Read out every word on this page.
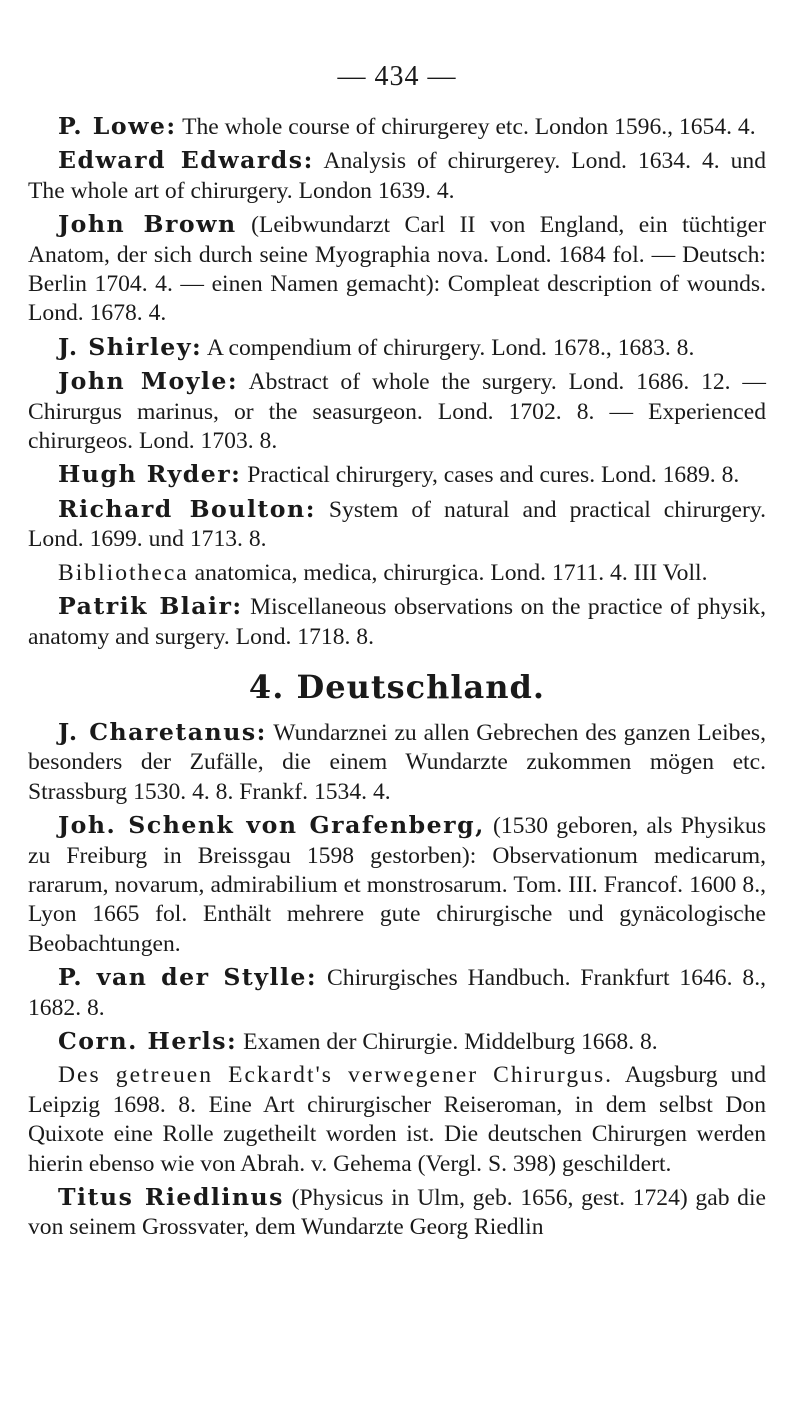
— 434 —

P. Lowe: The whole course of chirurgerey etc. London 1596., 1654. 4.

Edward Edwards: Analysis of chirurgerey. Lond. 1634. 4. und The whole art of chirurgery. London 1639. 4.

John Brown (Leibwundarzt Carl II von England, ein tüchtiger Anatom, der sich durch seine Myographia nova. Lond. 1684 fol. — Deutsch: Berlin 1704. 4. — einen Namen gemacht): Compleat description of wounds. Lond. 1678. 4.

J. Shirley: A compendium of chirurgery. Lond. 1678., 1683. 8.

John Moyle: Abstract of whole the surgery. Lond. 1686. 12. — Chirurgus marinus, or the seasurgeon. Lond. 1702. 8. — Experienced chirurgeos. Lond. 1703. 8.

Hugh Ryder: Practical chirurgery, cases and cures. Lond. 1689. 8.

Richard Boulton: System of natural and practical chirurgery. Lond. 1699. und 1713. 8.

Bibliotheca anatomica, medica, chirurgica. Lond. 1711. 4. III Voll.

Patrik Blair: Miscellaneous observations on the practice of physik, anatomy and surgery. Lond. 1718. 8.

4. Deutschland.

J. Charetanus: Wundarznei zu allen Gebrechen des ganzen Leibes, besonders der Zufälle, die einem Wundarzte zukommen mögen etc. Strassburg 1530. 4. 8. Frankf. 1534. 4.

Joh. Schenk von Grafenberg, (1530 geboren, als Physikus zu Freiburg in Breissgau 1598 gestorben): Observationum medicarum, rararum, novarum, admirabilium et monstrosarum. Tom. III. Francof. 1600 8., Lyon 1665 fol. Enthält mehrere gute chirurgische und gynäcologische Beobachtungen.

P. van der Stylle: Chirurgisches Handbuch. Frankfurt 1646. 8., 1682. 8.

Corn. Herls: Examen der Chirurgie. Middelburg 1668. 8.

Des getreuen Eckardt's verwegener Chirurgus. Augsburg und Leipzig 1698. 8. Eine Art chirurgischer Reiseroman, in dem selbst Don Quixote eine Rolle zugetheilt worden ist. Die deutschen Chirurgen werden hierin ebenso wie von Abrah. v. Gehema (Vergl. S. 398) geschildert.

Titus Riedlinus (Physicus in Ulm, geb. 1656, gest. 1724) gab die von seinem Grossvater, dem Wundarzte Georg Riedlin
